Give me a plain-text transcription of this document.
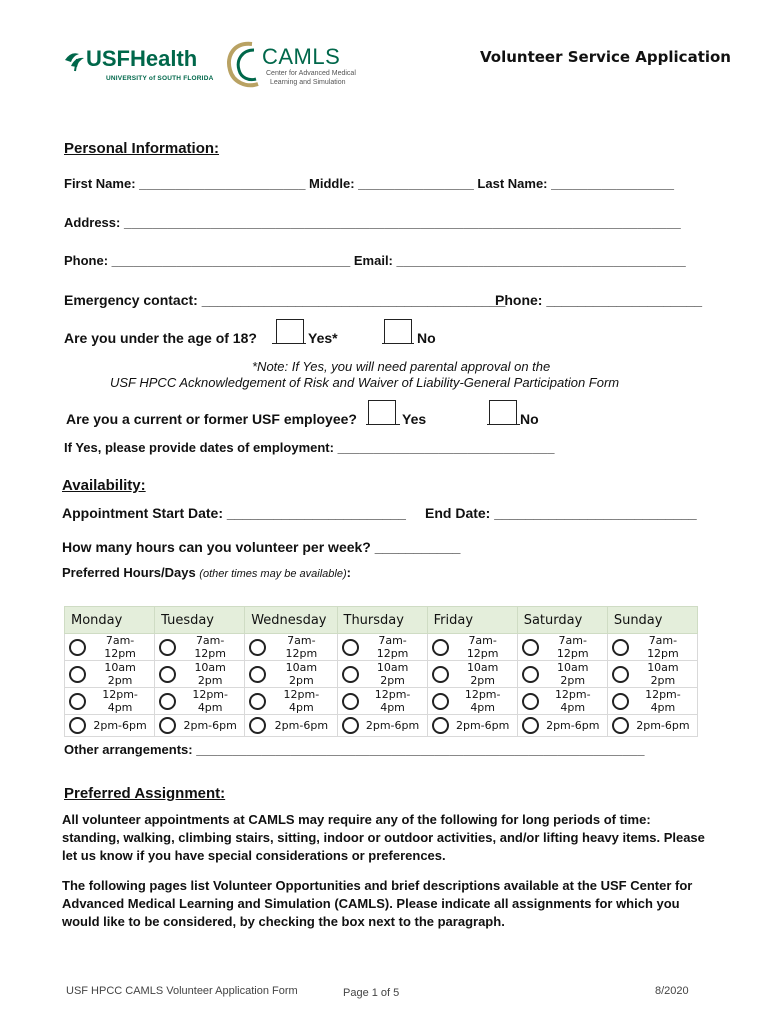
USFHealth
UNIVERSITY of SOUTH FLORIDA
CAMLS
Center for Advanced Medical
Learning and Simulation
Volunteer Service Application
Personal Information:
First Name: _______________________ Middle: ________________ Last Name: _________________
Address: _____________________________________________________________________________
Phone: _________________________________ Email: ________________________________________
Emergency contact: _______________________________________
Phone: ____________________
Are you under the age of 18?	Yes*	No
*Note: If Yes, you will need parental approval on the
USF HPCC Acknowledgement of Risk and Waiver of Liability-General Participation Form
Are you a current or former USF employee?	Yes	No
If Yes, please provide dates of employment: ______________________________
Availability:
Appointment Start Date: _______________________ End Date: __________________________
How many hours can you volunteer per week? ___________
Preferred Hours/Days (other times may be available):
Monday	Tuesday	Wednesday	Thursday	Friday	Saturday	Sunday

7am-12pm	7am-12pm	7am-12pm	7am-12pm	7am-12pm	7am-12pm	7am-12pm

10am 2pm	10am 2pm	10am 2pm	10am 2pm	10am 2pm	10am 2pm	10am 2pm

12pm-4pm	12pm-4pm	12pm-4pm	12pm-4pm	12pm-4pm	12pm-4pm	12pm-4pm

2pm-6pm	2pm-6pm	2pm-6pm	2pm-6pm	2pm-6pm	2pm-6pm	2pm-6pm
Other arrangements: ______________________________________________________________
Preferred Assignment:
All volunteer appointments at CAMLS may require any of the following for long periods of time: standing, walking, climbing stairs, sitting, indoor or outdoor activities, and/or lifting heavy items. Please let us know if you have special considerations or preferences.
The following pages list Volunteer Opportunities and brief descriptions available at the USF Center for Advanced Medical Learning and Simulation (CAMLS). Please indicate all assignments for which you would like to be considered, by checking the box next to the paragraph.
USF HPCC CAMLS Volunteer Application Form	Page 1 of 5	8/2020
